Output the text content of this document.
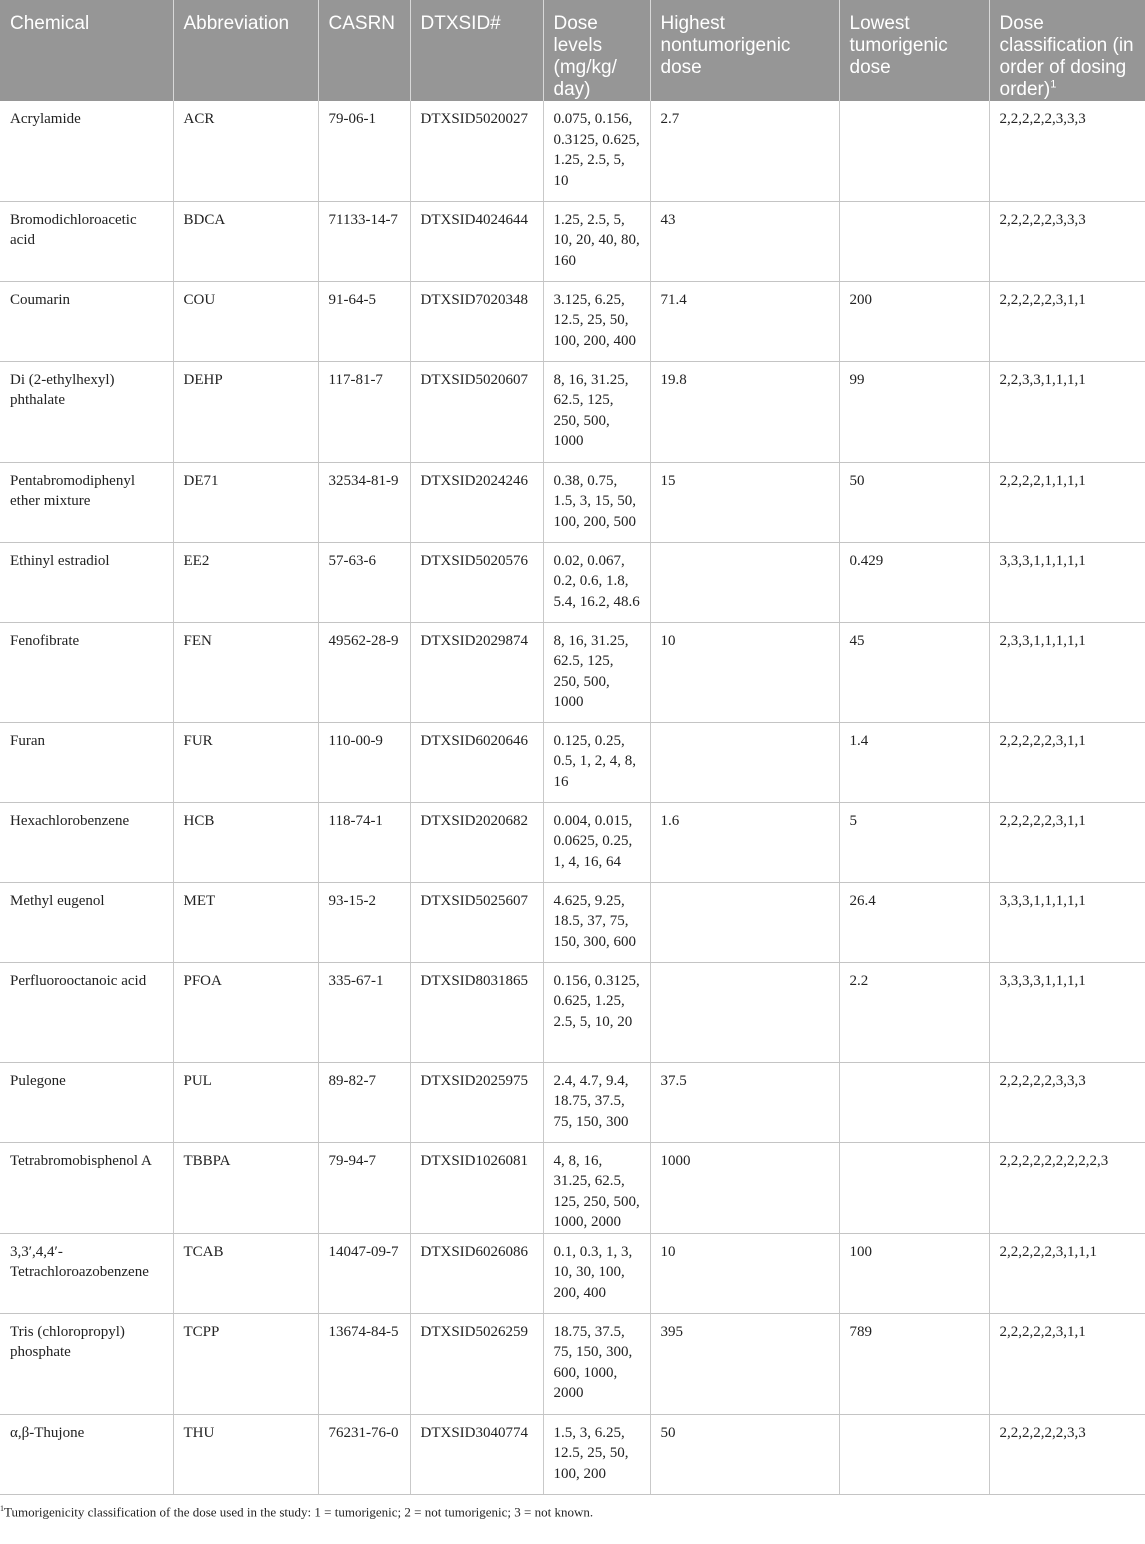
Chemical	Abbreviation	CASRN	DTXSID#	Dose levels (mg/kg/ day)	Highest nontumorigenic dose	Lowest tumorigenic dose	Dose classification (in order of dosing order)$^1$
Acrylamide	ACR	79-06-1	DTXSID5020027	0.075, 0.156, 0.3125, 0.625, 1.25, 2.5, 5, 10	2.7		2,2,2,2,2,3,3,3
Bromodichloroacetic acid	BDCA	71133-14-7	DTXSID4024644	1.25, 2.5, 5, 10, 20, 40, 80, 160	43		2,2,2,2,2,3,3,3
Coumarin	COU	91-64-5	DTXSID7020348	3.125, 6.25, 12.5, 25, 50, 100, 200, 400	71.4	200	2,2,2,2,2,3,1,1
Di (2-ethylhexyl) phthalate	DEHP	117-81-7	DTXSID5020607	8, 16, 31.25, 62.5, 125, 250, 500, 1000	19.8	99	2,2,3,3,1,1,1,1
Pentabromodiphenyl ether mixture	DE71	32534-81-9	DTXSID2024246	0.38, 0.75, 1.5, 3, 15, 50, 100, 200, 500	15	50	2,2,2,2,1,1,1,1
Ethinyl estradiol	EE2	57-63-6	DTXSID5020576	0.02, 0.067, 0.2, 0.6, 1.8, 5.4, 16.2, 48.6		0.429	3,3,3,1,1,1,1,1
Fenofibrate	FEN	49562-28-9	DTXSID2029874	8, 16, 31.25, 62.5, 125, 250, 500, 1000	10	45	2,3,3,1,1,1,1,1
Furan	FUR	110-00-9	DTXSID6020646	0.125, 0.25, 0.5, 1, 2, 4, 8, 16		1.4	2,2,2,2,2,3,1,1
Hexachlorobenzene	HCB	118-74-1	DTXSID2020682	0.004, 0.015, 0.0625, 0.25, 1, 4, 16, 64	1.6	5	2,2,2,2,2,3,1,1
Methyl eugenol	MET	93-15-2	DTXSID5025607	4.625, 9.25, 18.5, 37, 75, 150, 300, 600		26.4	3,3,3,1,1,1,1,1
Perfluorooctanoic acid	PFOA	335-67-1	DTXSID8031865	0.156, 0.3125, 0.625, 1.25, 2.5, 5, 10, 20		2.2	3,3,3,3,1,1,1,1
Pulegone	PUL	89-82-7	DTXSID2025975	2.4, 4.7, 9.4, 18.75, 37.5, 75, 150, 300	37.5		2,2,2,2,2,3,3,3
Tetrabromobisphenol A	TBBPA	79-94-7	DTXSID1026081	4, 8, 16, 31.25, 62.5, 125, 250, 500, 1000, 2000	1000		2,2,2,2,2,2,2,2,2,3
3,3′,4,4′-Tetrachloroazobenzene	TCAB	14047-09-7	DTXSID6026086	0.1, 0.3, 1, 3, 10, 30, 100, 200, 400	10	100	2,2,2,2,2,3,1,1,1
Tris (chloropropyl) phosphate	TCPP	13674-84-5	DTXSID5026259	18.75, 37.5, 75, 150, 300, 600, 1000, 2000	395	789	2,2,2,2,2,3,1,1
α,β-Thujone	THU	76231-76-0	DTXSID3040774	1.5, 3, 6.25, 12.5, 25, 50, 100, 200	50		2,2,2,2,2,2,3,3
$^1$Tumorigenicity classification of the dose used in the study: 1 = tumorigenic; 2 = not tumorigenic; 3 = not known.
